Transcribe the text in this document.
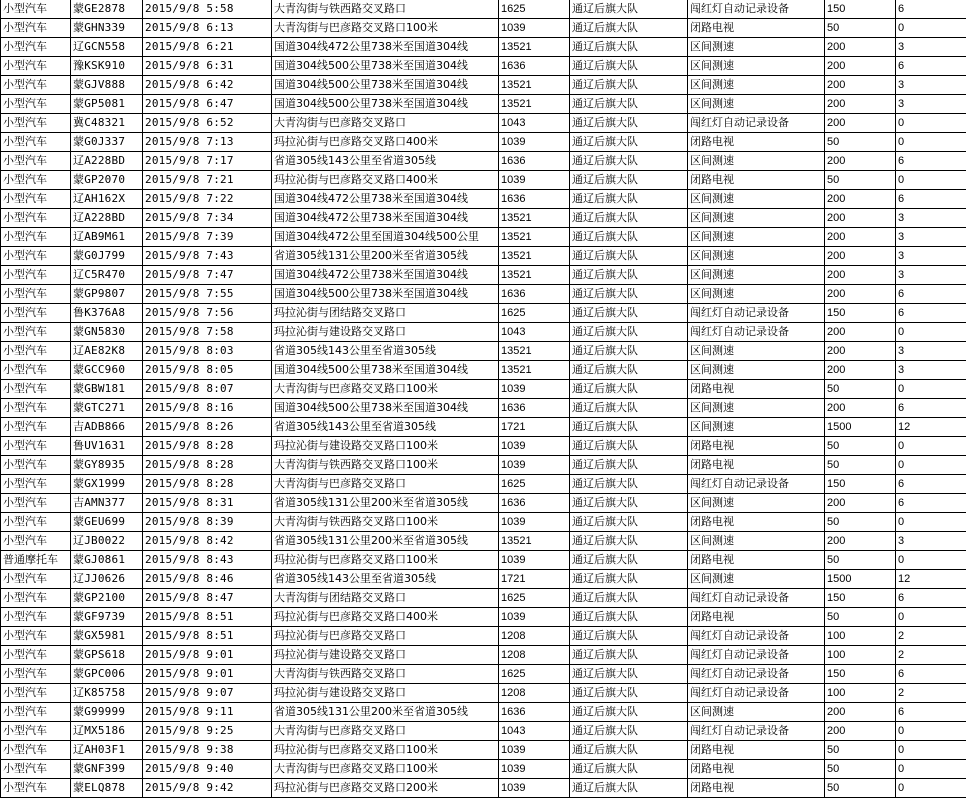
小型汽车	蒙GE2878	2015/9/8 5:58	大青沟街与铁西路交叉路口	1625	通辽后旗大队	闯红灯自动记录设备	150	6
小型汽车	蒙GHN339	2015/9/8 6:13	大青沟街与巴彦路交叉路口100米	1039	通辽后旗大队	闭路电视	50	0
小型汽车	辽GCN558	2015/9/8 6:21	国道304线472公里738米至国道304线	13521	通辽后旗大队	区间测速	200	3
小型汽车	豫KSK910	2015/9/8 6:31	国道304线500公里738米至国道304线	1636	通辽后旗大队	区间测速	200	6
小型汽车	蒙GJV888	2015/9/8 6:42	国道304线500公里738米至国道304线	13521	通辽后旗大队	区间测速	200	3
小型汽车	蒙GP5081	2015/9/8 6:47	国道304线500公里738米至国道304线	13521	通辽后旗大队	区间测速	200	3
小型汽车	冀C48321	2015/9/8 6:52	大青沟街与巴彦路交叉路口	1043	通辽后旗大队	闯红灯自动记录设备	200	0
小型汽车	蒙G0J337	2015/9/8 7:13	玛拉沁街与巴彦路交叉路口400米	1039	通辽后旗大队	闭路电视	50	0
小型汽车	辽A228BD	2015/9/8 7:17	省道305线143公里至省道305线	1636	通辽后旗大队	区间测速	200	6
小型汽车	蒙GP2070	2015/9/8 7:21	玛拉沁街与巴彦路交叉路口400米	1039	通辽后旗大队	闭路电视	50	0
小型汽车	辽AH162X	2015/9/8 7:22	国道304线472公里738米至国道304线	1636	通辽后旗大队	区间测速	200	6
小型汽车	辽A228BD	2015/9/8 7:34	国道304线472公里738米至国道304线	13521	通辽后旗大队	区间测速	200	3
小型汽车	辽AB9M61	2015/9/8 7:39	国道304线472公里至国道304线500公里	13521	通辽后旗大队	区间测速	200	3
小型汽车	蒙G0J799	2015/9/8 7:43	省道305线131公里200米至省道305线	13521	通辽后旗大队	区间测速	200	3
小型汽车	辽C5R470	2015/9/8 7:47	国道304线472公里738米至国道304线	13521	通辽后旗大队	区间测速	200	3
小型汽车	蒙GP9807	2015/9/8 7:55	国道304线500公里738米至国道304线	1636	通辽后旗大队	区间测速	200	6
小型汽车	鲁K376A8	2015/9/8 7:56	玛拉沁街与团结路交叉路口	1625	通辽后旗大队	闯红灯自动记录设备	150	6
小型汽车	蒙GN5830	2015/9/8 7:58	玛拉沁街与建设路交叉路口	1043	通辽后旗大队	闯红灯自动记录设备	200	0
小型汽车	辽AE82K8	2015/9/8 8:03	省道305线143公里至省道305线	13521	通辽后旗大队	区间测速	200	3
小型汽车	蒙GCC960	2015/9/8 8:05	国道304线500公里738米至国道304线	13521	通辽后旗大队	区间测速	200	3
小型汽车	蒙GBW181	2015/9/8 8:07	大青沟街与巴彦路交叉路口100米	1039	通辽后旗大队	闭路电视	50	0
小型汽车	蒙GTC271	2015/9/8 8:16	国道304线500公里738米至国道304线	1636	通辽后旗大队	区间测速	200	6
小型汽车	吉ADB866	2015/9/8 8:26	省道305线143公里至省道305线	1721	通辽后旗大队	区间测速	1500	12
小型汽车	鲁UV1631	2015/9/8 8:28	玛拉沁街与建设路交叉路口100米	1039	通辽后旗大队	闭路电视	50	0
小型汽车	蒙GY8935	2015/9/8 8:28	大青沟街与铁西路交叉路口100米	1039	通辽后旗大队	闭路电视	50	0
小型汽车	蒙GX1999	2015/9/8 8:28	大青沟街与巴彦路交叉路口	1625	通辽后旗大队	闯红灯自动记录设备	150	6
小型汽车	吉AMN377	2015/9/8 8:31	省道305线131公里200米至省道305线	1636	通辽后旗大队	区间测速	200	6
小型汽车	蒙GEU699	2015/9/8 8:39	大青沟街与铁西路交叉路口100米	1039	通辽后旗大队	闭路电视	50	0
小型汽车	辽JB0022	2015/9/8 8:42	省道305线131公里200米至省道305线	13521	通辽后旗大队	区间测速	200	3
普通摩托车	蒙GJ0861	2015/9/8 8:43	玛拉沁街与巴彦路交叉路口100米	1039	通辽后旗大队	闭路电视	50	0
小型汽车	辽JJ0626	2015/9/8 8:46	省道305线143公里至省道305线	1721	通辽后旗大队	区间测速	1500	12
小型汽车	蒙GP2100	2015/9/8 8:47	大青沟街与团结路交叉路口	1625	通辽后旗大队	闯红灯自动记录设备	150	6
小型汽车	蒙GF9739	2015/9/8 8:51	玛拉沁街与巴彦路交叉路口400米	1039	通辽后旗大队	闭路电视	50	0
小型汽车	蒙GX5981	2015/9/8 8:51	玛拉沁街与巴彦路交叉路口	1208	通辽后旗大队	闯红灯自动记录设备	100	2
小型汽车	蒙GPS618	2015/9/8 9:01	玛拉沁街与建设路交叉路口	1208	通辽后旗大队	闯红灯自动记录设备	100	2
小型汽车	蒙GPC006	2015/9/8 9:01	大青沟街与铁西路交叉路口	1625	通辽后旗大队	闯红灯自动记录设备	150	6
小型汽车	辽K85758	2015/9/8 9:07	玛拉沁街与建设路交叉路口	1208	通辽后旗大队	闯红灯自动记录设备	100	2
小型汽车	蒙G99999	2015/9/8 9:11	省道305线131公里200米至省道305线	1636	通辽后旗大队	区间测速	200	6
小型汽车	辽MX5186	2015/9/8 9:25	大青沟街与巴彦路交叉路口	1043	通辽后旗大队	闯红灯自动记录设备	200	0
小型汽车	辽AH03F1	2015/9/8 9:38	玛拉沁街与巴彦路交叉路口100米	1039	通辽后旗大队	闭路电视	50	0
小型汽车	蒙GNF399	2015/9/8 9:40	大青沟街与巴彦路交叉路口100米	1039	通辽后旗大队	闭路电视	50	0
小型汽车	蒙ELQ878	2015/9/8 9:42	玛拉沁街与巴彦路交叉路口200米	1039	通辽后旗大队	闭路电视	50	0
